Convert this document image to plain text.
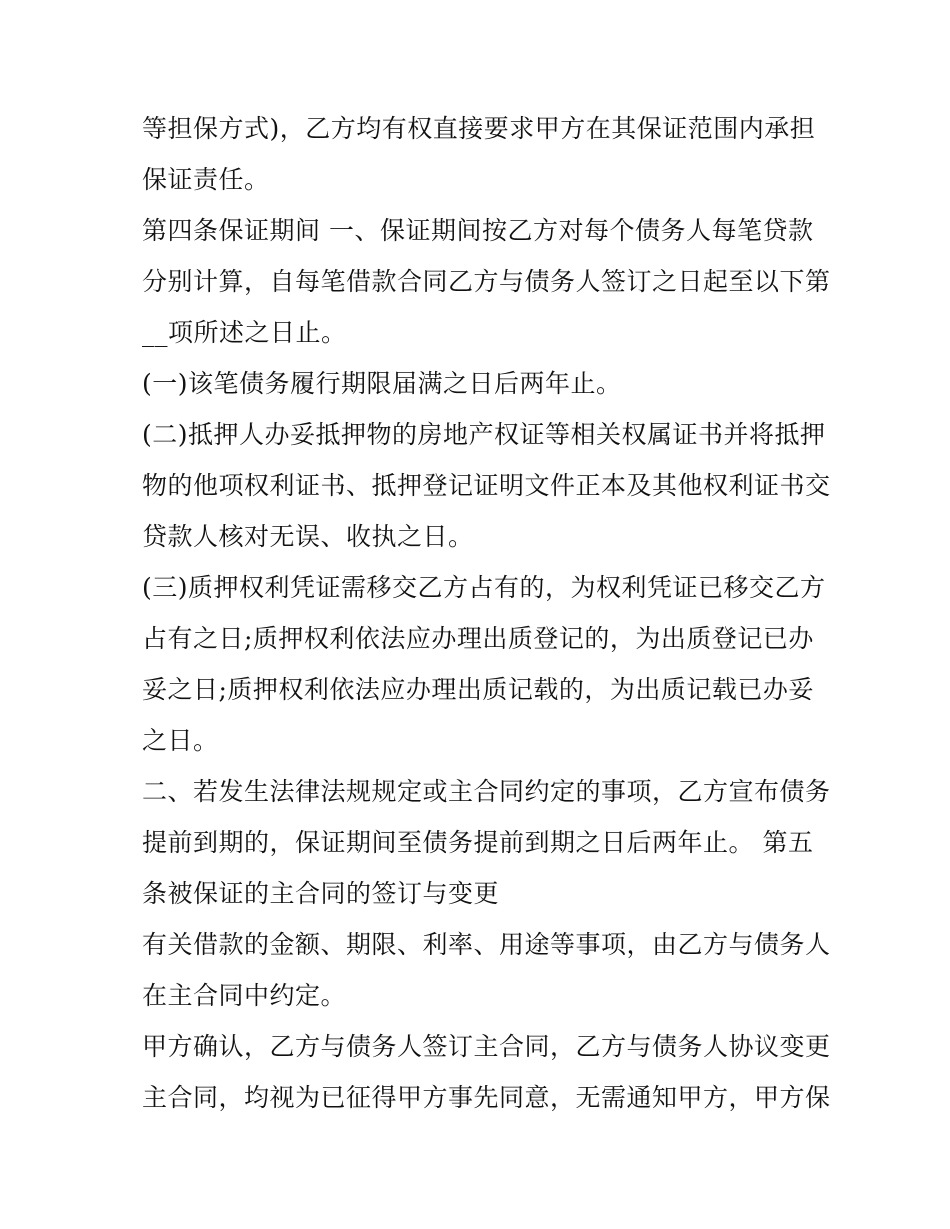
等担保方式)，乙方均有权直接要求甲方在其保证范围内承担
保证责任。
第四条保证期间 一、保证期间按乙方对每个债务人每笔贷款
分别计算，自每笔借款合同乙方与债务人签订之日起至以下第
__项所述之日止。
(一)该笔债务履行期限届满之日后两年止。
(二)抵押人办妥抵押物的房地产权证等相关权属证书并将抵押
物的他项权利证书、抵押登记证明文件正本及其他权利证书交
贷款人核对无误、收执之日。
(三)质押权利凭证需移交乙方占有的，为权利凭证已移交乙方
占有之日;质押权利依法应办理出质登记的，为出质登记已办
妥之日;质押权利依法应办理出质记载的，为出质记载已办妥
之日。
二、若发生法律法规规定或主合同约定的事项，乙方宣布债务
提前到期的，保证期间至债务提前到期之日后两年止。 第五
条被保证的主合同的签订与变更
有关借款的金额、期限、利率、用途等事项，由乙方与债务人
在主合同中约定。
甲方确认，乙方与债务人签订主合同，乙方与债务人协议变更
主合同，均视为已征得甲方事先同意，无需通知甲方，甲方保
